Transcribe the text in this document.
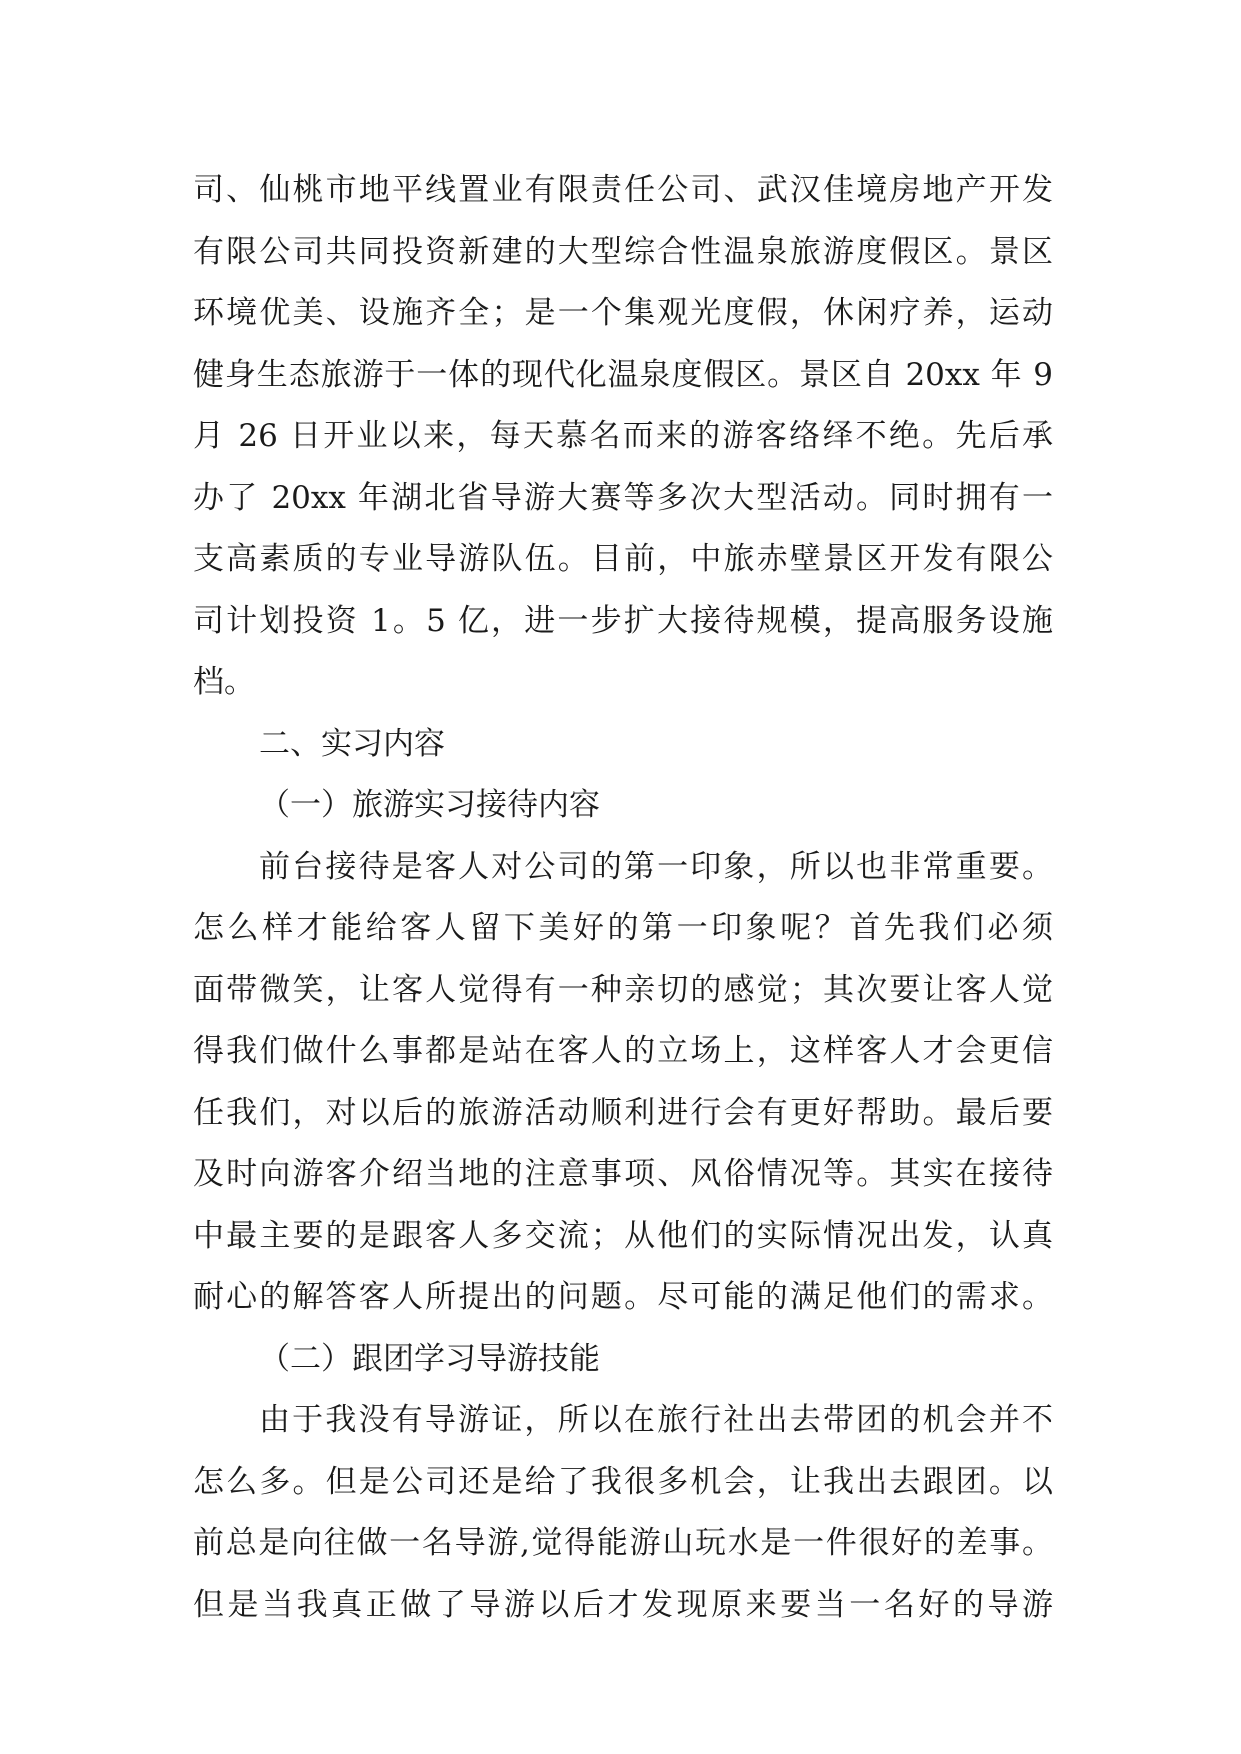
司、仙桃市地平线置业有限责任公司、武汉佳境房地产开发
有限公司共同投资新建的大型综合性温泉旅游度假区。景区
环境优美、设施齐全；是一个集观光度假，休闲疗养，运动
健身生态旅游于一体的现代化温泉度假区。景区自 20xx 年 9
月 26 日开业以来，每天慕名而来的游客络绎不绝。先后承
办了 20xx 年湖北省导游大赛等多次大型活动。同时拥有一
支高素质的专业导游队伍。目前，中旅赤壁景区开发有限公
司计划投资 1。5 亿，进一步扩大接待规模，提高服务设施
档。
二、实习内容
（一）旅游实习接待内容
前台接待是客人对公司的第一印象，所以也非常重要。
怎么样才能给客人留下美好的第一印象呢？首先我们必须
面带微笑，让客人觉得有一种亲切的感觉；其次要让客人觉
得我们做什么事都是站在客人的立场上，这样客人才会更信
任我们，对以后的旅游活动顺利进行会有更好帮助。最后要
及时向游客介绍当地的注意事项、风俗情况等。其实在接待
中最主要的是跟客人多交流；从他们的实际情况出发，认真
耐心的解答客人所提出的问题。尽可能的满足他们的需求。
（二）跟团学习导游技能
由于我没有导游证，所以在旅行社出去带团的机会并不
怎么多。但是公司还是给了我很多机会，让我出去跟团。以
前总是向往做一名导游,觉得能游山玩水是一件很好的差事。
但是当我真正做了导游以后才发现原来要当一名好的导游
